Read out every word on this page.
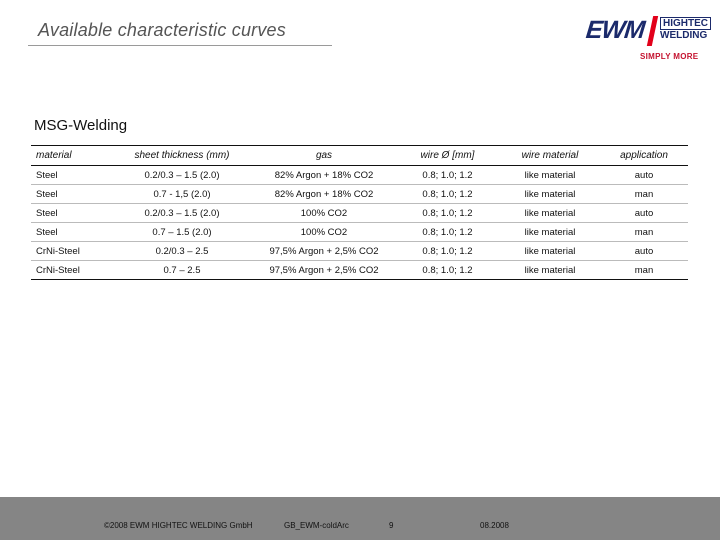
Available characteristic curves	EWM	HIGHTEC
WELDING
SIMPLY MORE
MSG-Welding
material	sheet thickness (mm)	gas	wire Ø [mm]	wire material	application
Steel	0.2/0.3 – 1.5 (2.0)	82% Argon + 18% CO2	0.8; 1.0; 1.2	like material	auto
Steel	0.7 - 1,5 (2.0)	82% Argon + 18% CO2	0.8; 1.0; 1.2	like material	man
Steel	0.2/0.3 – 1.5 (2.0)	100% CO2	0.8; 1.0; 1.2	like material	auto
Steel	0.7 – 1.5 (2.0)	100% CO2	0.8; 1.0; 1.2	like material	man
CrNi-Steel	0.2/0.3 – 2.5	97,5% Argon + 2,5% CO2	0.8; 1.0; 1.2	like material	auto
CrNi-Steel	0.7 – 2.5	97,5% Argon + 2,5% CO2	0.8; 1.0; 1.2	like material	man
©2008 EWM HIGHTEC WELDING GmbH	GB_EWM-coldArc	9	08.2008
